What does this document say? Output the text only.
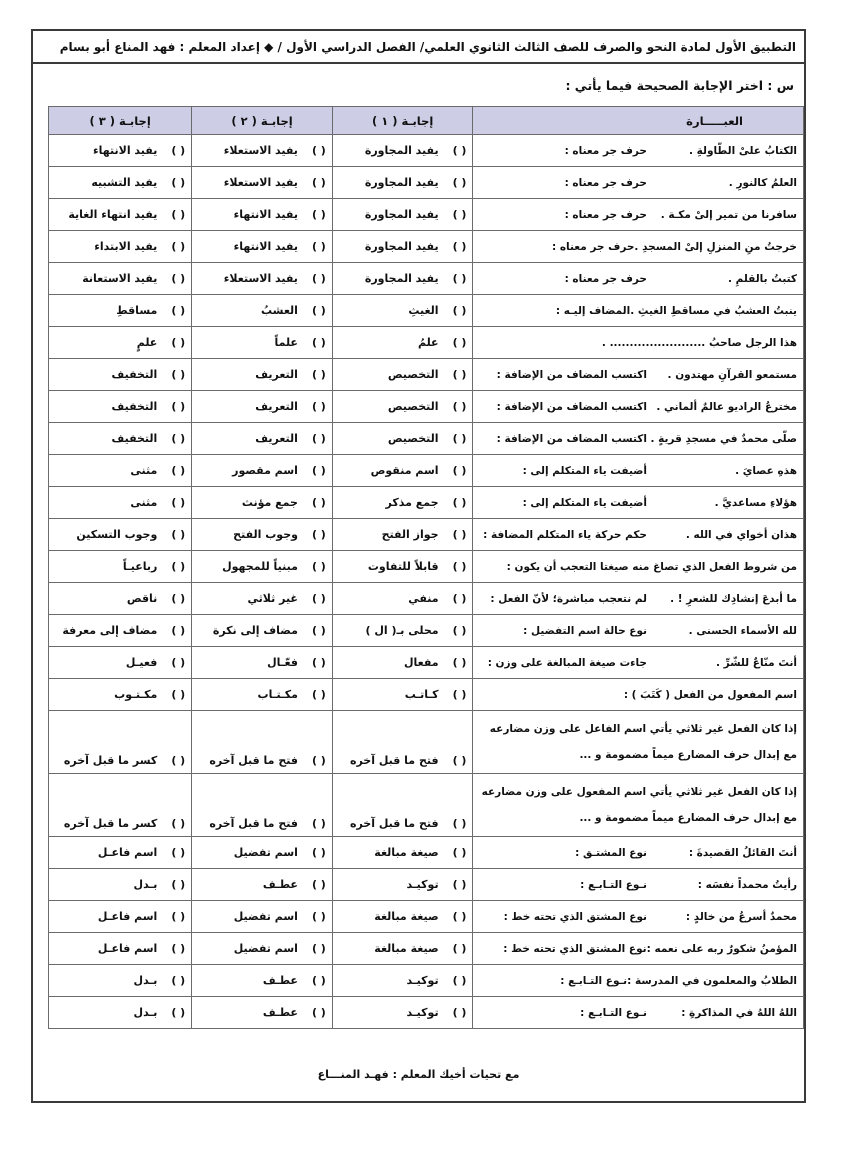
التطبيق الأول لمادة النحو والصرف للصف الثالث الثانوي العلمي/ الفصل الدراسي الأول / ◆ إعداد المعلم : فهد المناع أبو بسام
س : اختر الإجابة الصحيحة فيما يأتي :
العبـــــارة	إجابـة ( ١ )	إجابـة ( ٢ )	إجابـة ( ٣ )
الكتابُ علىْ الطّاولةِ .حرف جر معناه :	( )يفيد المجاورة	( )يفيد الاستعلاء	( )يفيد الانتهاء
العلمُ كالنورِ .حرف جر معناه :	( )يفيد المجاورة	( )يفيد الاستعلاء	( )يفيد التشبيه
سافرنا من تمير إلىْ مكـة .حرف جر معناه :	( )يفيد المجاورة	( )يفيد الانتهاء	( )يفيد انتهاء الغاية
خرجتُ منِ المنزلِ إلىْ المسجدِ .حرف جر معناه :	( )يفيد المجاورة	( )يفيد الانتهاء	( )يفيد الابتداء
كتبتُ بالقلمِ .حرف جر معناه :	( )يفيد المجاورة	( )يفيد الاستعلاء	( )يفيد الاستعانة
ينبتُ العشبُ في مساقطِ الغيثِ .المضاف إليـه :	( )الغيثِ	( )العشبُ	( )مساقطِ
هذا الرجل صاحبُ ........................ .	( )علمُ	( )علماً	( )علمٍ
مستمعو القرآنِ مهتدون .اكتسب المضاف من الإضافة :	( )التخصيص	( )التعريف	( )التخفيف
مخترعُ الراديو عالمٌ ألماني .اكتسب المضاف من الإضافة :	( )التخصيص	( )التعريف	( )التخفيف
صلّى محمدٌ في مسجدِ قريةٍ .اكتسب المضاف من الإضافة :	( )التخصيص	( )التعريف	( )التخفيف
هذهِ عصايَ .أضيفت ياء المتكلم إلى :	( )اسم منقوص	( )اسم مقصور	( )مثنى
هؤلاءِ مساعديَّ .أضيفت ياء المتكلم إلى :	( )جمع مذكر	( )جمع مؤنث	( )مثنى
هذان أخواي في الله .حكم حركة ياء المتكلم المضافة :	( )جواز الفتح	( )وجوب الفتح	( )وجوب التسكين
من شروط الفعل الذي تصاغ منه صيغتا التعجب أن يكون :	( )قابلاً للتفاوت	( )مبنياً للمجهول	( )رباعيـاً
ما أبدعَ إنشادِك للشعرِ ! .لم نتعجب مباشرة؛ لأنّ الفعل :	( )منفي	( )غير ثلاثي	( )ناقص
لله الأسماء الحسنى .نوع حالة اسم التفضيل :	( )محلى بـ( ال )	( )مضاف إلى نكرة	( )مضاف إلى معرفة
أنتَ منّاعٌ للشّرِّ .جاءت صيغة المبالغة على وزن :	( )مفعال	( )فعّـال	( )فعيـل
اسم المفعول من الفعل ( كَتَبَ ) :	( )كـاتـب	( )مكـتـاب	( )مكـتـوب
إذا كان الفعل غير ثلاثي يأتي اسم الفاعل على وزن مضارعه مع إبدال حرف المضارع ميماً مضمومة و ...	( )فتح ما قبل آخره	( )فتح ما قبل آخره	( )كسر ما قبل آخره
إذا كان الفعل غير ثلاثي يأتي اسم المفعول على وزن مضارعه مع إبدال حرف المضارع ميماً مضمومة و ...	( )فتح ما قبل آخره	( )فتح ما قبل آخره	( )كسر ما قبل آخره
أنتَ القائلُ القصيدةَ :نوع المشتـق :	( )صيغة مبالغة	( )اسم تفضيل	( )اسم فاعـل
رأيتُ محمداً نفسَه :نـوع التـابـع :	( )توكيـد	( )عطـف	( )بـدل
محمدٌ أسرعُ من خالدٍ :نوع المشتق الذي تحته خط :	( )صيغة مبالغة	( )اسم تفضيل	( )اسم فاعـل
المؤمنُ شكورٌ ربه على نعمه :نوع المشتق الذي تحته خط :	( )صيغة مبالغة	( )اسم تفضيل	( )اسم فاعـل
الطلابُ والمعلمون في المدرسة :نـوع التـابـع :	( )توكيـد	( )عطـف	( )بـدل
اللهُ اللهُ في المذاكرةِ :نـوع التـابـع :	( )توكيـد	( )عطـف	( )بـدل
مع تحيات أخيك المعلم : فهـد المنـــاع
